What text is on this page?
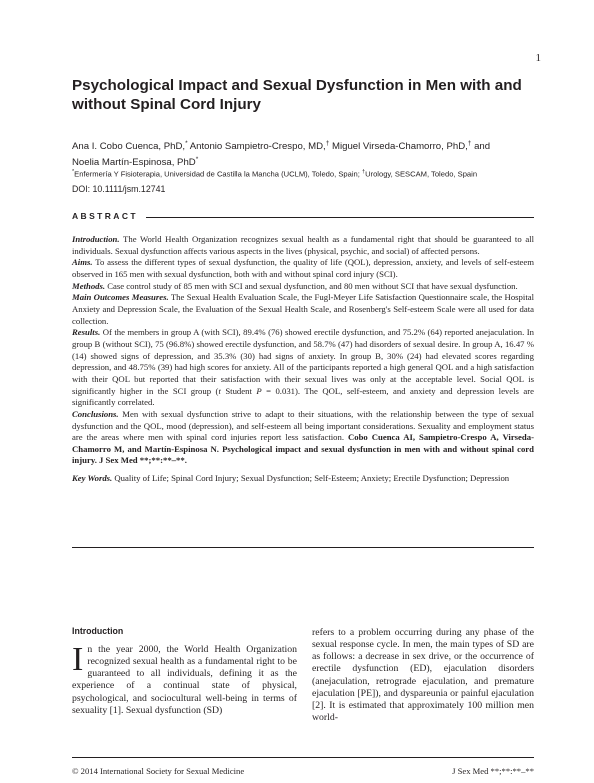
1
Psychological Impact and Sexual Dysfunction in Men with and without Spinal Cord Injury
Ana I. Cobo Cuenca, PhD,* Antonio Sampietro-Crespo, MD,† Miguel Virseda-Chamorro, PhD,† and
Noelia Martín-Espinosa, PhD*
*Enfermería Y Fisioterapia, Universidad de Castilla la Mancha (UCLM), Toledo, Spain; †Urology, SESCAM, Toledo, Spain
DOI: 10.1111/jsm.12741
ABSTRACT

Introduction. The World Health Organization recognizes sexual health as a fundamental right that should be guaranteed to all individuals. Sexual dysfunction affects various aspects in the lives (physical, psychic, and social) of affected persons.

Aims. To assess the different types of sexual dysfunction, the quality of life (QOL), depression, anxiety, and levels of self-esteem observed in 165 men with sexual dysfunction, both with and without spinal cord injury (SCI).

Methods. Case control study of 85 men with SCI and sexual dysfunction, and 80 men without SCI that have sexual dysfunction.

Main Outcomes Measures. The Sexual Health Evaluation Scale, the Fugl-Meyer Life Satisfaction Questionnaire scale, the Hospital Anxiety and Depression Scale, the Evaluation of the Sexual Health Scale, and Rosenberg's Self-esteem Scale were all used for data collection.

Results. Of the members in group A (with SCI), 89.4% (76) showed erectile dysfunction, and 75.2% (64) reported anejaculation. In group B (without SCI), 75 (96.8%) showed erectile dysfunction, and 58.7% (47) had disorders of sexual desire. In group A, 16.47 % (14) showed signs of depression, and 35.3% (30) had signs of anxiety. In group B, 30% (24) had elevated scores regarding depression, and 48.75% (39) had high scores for anxiety. All of the participants reported a high general QOL and a high satisfaction with their QOL but reported that their satisfaction with their sexual lives was only at the acceptable level. Social QOL is significantly higher in the SCI group (t Student P = 0.031). The QOL, self-esteem, and anxiety and depression levels are significantly correlated.

Conclusions. Men with sexual dysfunction strive to adapt to their situations, with the relationship between the type of sexual dysfunction and the QOL, mood (depression), and self-esteem all being important considerations. Sexuality and employment status are the areas where men with spinal cord injuries report less satisfaction. Cobo Cuenca AI, Sampietro-Crespo A, Virseda-Chamorro M, and Martín-Espinosa N. Psychological impact and sexual dysfunction in men with and without spinal cord injury. J Sex Med **;**:**–**.

Key Words. Quality of Life; Spinal Cord Injury; Sexual Dysfunction; Self-Esteem; Anxiety; Erectile Dysfunction; Depression

Introduction

In the year 2000, the World Health Organization recognized sexual health as a fundamental right to be guaranteed to all individuals, defining it as the experience of a continual state of physical, psychological, and sociocultural well-being in terms of sexuality [1]. Sexual dysfunction (SD)

refers to a problem occurring during any phase of the sexual response cycle. In men, the main types of SD are as follows: a decrease in sex drive, or the occurrence of erectile dysfunction (ED), ejaculation disorders (anejaculation, retrograde ejaculation, and premature ejaculation [PE]), and dyspareunia or painful ejaculation [2]. It is estimated that approximately 100 million men world-

© 2014 International Society for Sexual Medicine	J Sex Med **;**:**–**
